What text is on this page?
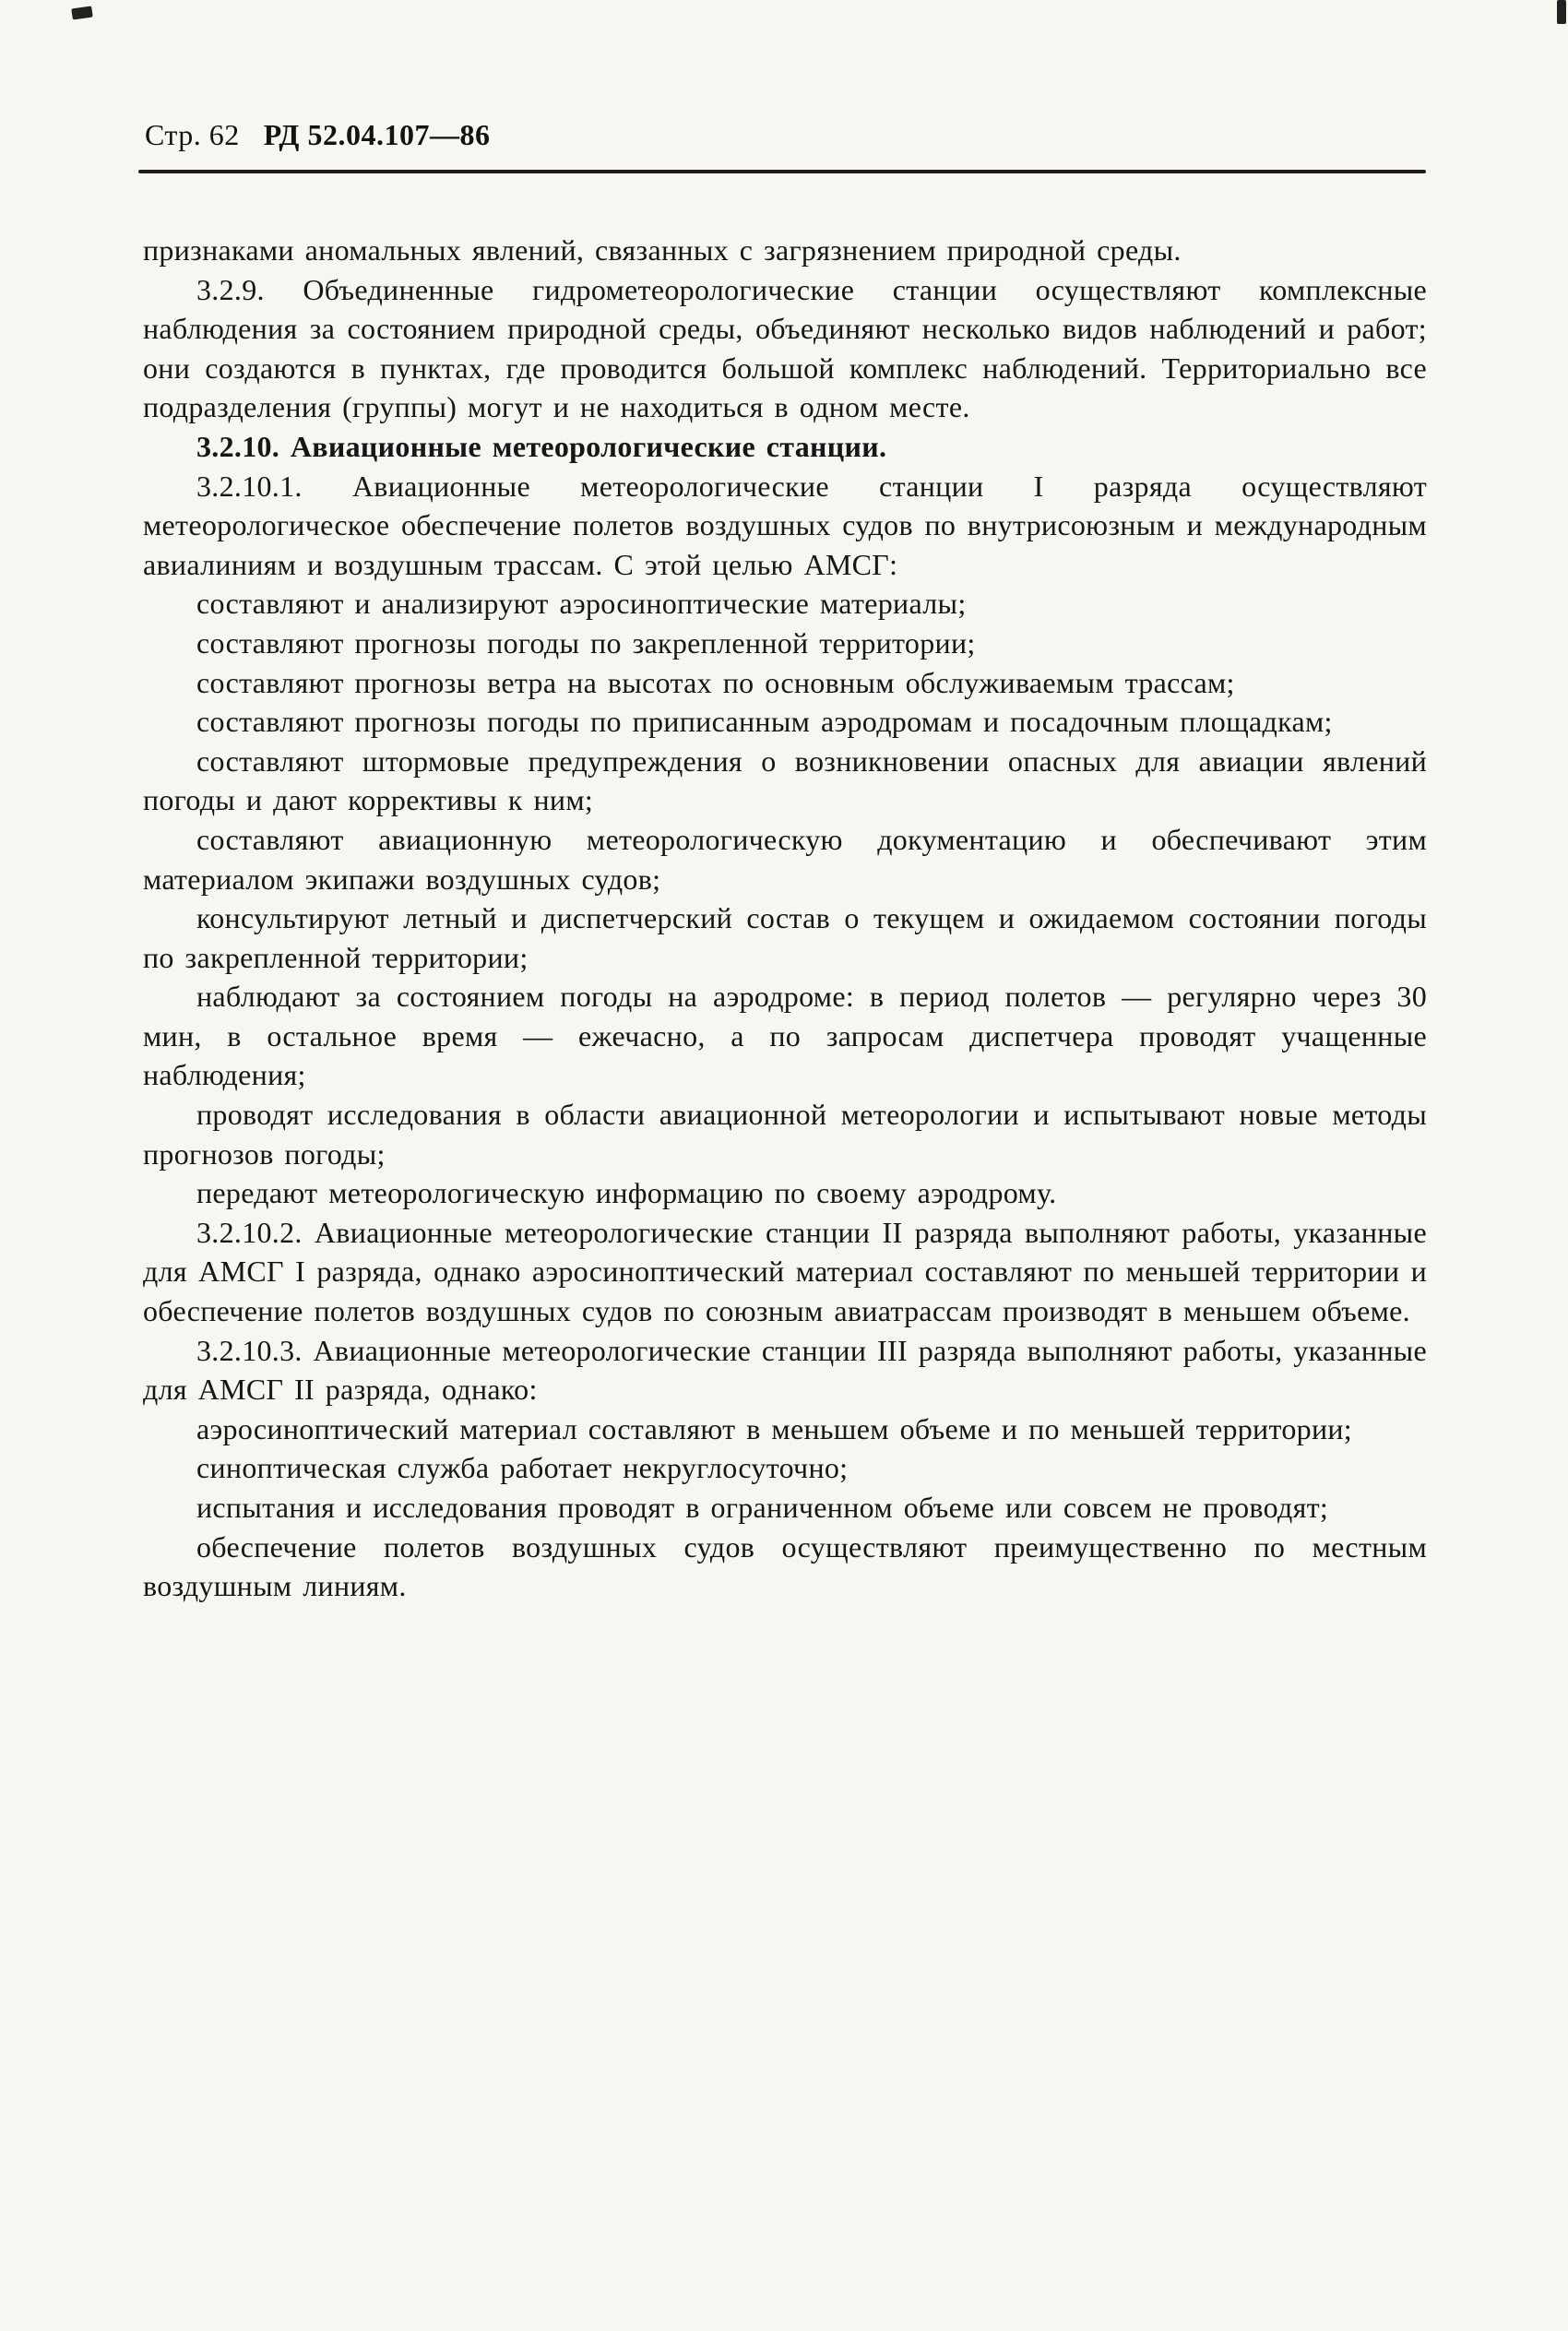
Стр. 62 РД 52.04.107—86

признаками аномальных явлений, связанных с загрязнением природной среды.

3.2.9. Объединенные гидрометеорологические станции осуществляют комплексные наблюдения за состоянием природной среды, объединяют несколько видов наблюдений и работ; они создаются в пунктах, где проводится большой комплекс наблюдений. Территориально все подразделения (группы) могут и не находиться в одном месте.

3.2.10. Авиационные метеорологические станции.

3.2.10.1. Авиационные метеорологические станции I разряда осуществляют метеорологическое обеспечение полетов воздушных судов по внутрисоюзным и международным авиалиниям и воздушным трассам. С этой целью АМСГ:

составляют и анализируют аэросиноптические материалы;

составляют прогнозы погоды по закрепленной территории;

составляют прогнозы ветра на высотах по основным обслуживаемым трассам;

составляют прогнозы погоды по приписанным аэродромам и посадочным площадкам;

составляют штормовые предупреждения о возникновении опасных для авиации явлений погоды и дают коррективы к ним;

составляют авиационную метеорологическую документацию и обеспечивают этим материалом экипажи воздушных судов;

консультируют летный и диспетчерский состав о текущем и ожидаемом состоянии погоды по закрепленной территории;

наблюдают за состоянием погоды на аэродроме: в период полетов — регулярно через 30 мин, в остальное время — ежечасно, а по запросам диспетчера проводят учащенные наблюдения;

проводят исследования в области авиационной метеорологии и испытывают новые методы прогнозов погоды;

передают метеорологическую информацию по своему аэродрому.

3.2.10.2. Авиационные метеорологические станции II разряда выполняют работы, указанные для АМСГ I разряда, однако аэросиноптический материал составляют по меньшей территории и обеспечение полетов воздушных судов по союзным авиатрассам производят в меньшем объеме.

3.2.10.3. Авиационные метеорологические станции III разряда выполняют работы, указанные для АМСГ II разряда, однако:

аэросиноптический материал составляют в меньшем объеме и по меньшей территории;

синоптическая служба работает некруглосуточно;

испытания и исследования проводят в ограниченном объеме или совсем не проводят;

обеспечение полетов воздушных судов осуществляют преимущественно по местным воздушным линиям.
